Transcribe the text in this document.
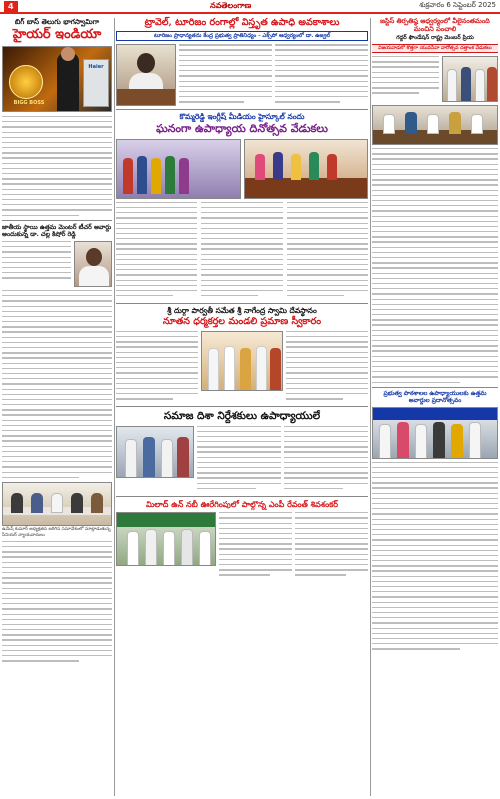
4	నవతెలంగాణ	శుక్రవారం 6 సెప్టెంబర్ 2025
బిగ్ బాస్ తెలుగు భాగస్వామిగా
హైయర్ ఇండియా
BIGG BOSS
Haier
జాతీయ స్థాయి ఉత్తమ మెంటర్ టీచర్ అవార్డు అందుకున్న డా. చల్ల కిషోర్ రెడ్డి
ఉమేష్ కుమార్ అధ్యక్షతన జరిగిన సమావేశంలో మాట్లాడుతున్న సీనియర్ న్యాయవాదులు
ట్రావెల్, టూరిజం రంగాల్లో విస్తృత ఉపాధి అవకాశాలు
టూరిజం ప్రాధాన్యతను కేంద్ర ప్రభుత్వ ప్రాతినిధ్యం - ఎక్స్‌పో ఆధ్వర్యంలో డా. ఉజ్వల్
కొమ్మరెడ్డి ఇంగ్లీష్ మీడియం హైస్కూల్ నందు
ఘనంగా ఉపాధ్యాయ దినోత్సవ వేడుకలు
శ్రీ దుర్గా పార్వతీ సమేత శ్రీ నాగేంద్ర స్వామి దేవస్థానం
నూతన ధర్మకర్తల మండలి ప్రమాణ స్వీకారం
సమాజ దిశా నిర్దేశకులు ఉపాధ్యాయులే
మిలాద్ ఉన్ నబీ ఊరేగింపులో పాల్గొన్న ఎంపీ రేవంత్ శివశంకర్
జస్టిస్ తిర్పతిష్ఠ ఆధ్వర్యంలో వీలైనంతమంది మంచిని పంచాలి
గద్దర్ ఫౌండేషన్ రాష్ట్ర మెంబర్ ప్రియ
విజయవాడలో కొత్తగా యువసేవా వారోత్సవ దత్తాంశ వేడుకలు
ప్రభుత్వ పాఠశాలల ఉపాధ్యాయులకు ఉత్తమ అవార్డుల ప్రదానోత్సవం
